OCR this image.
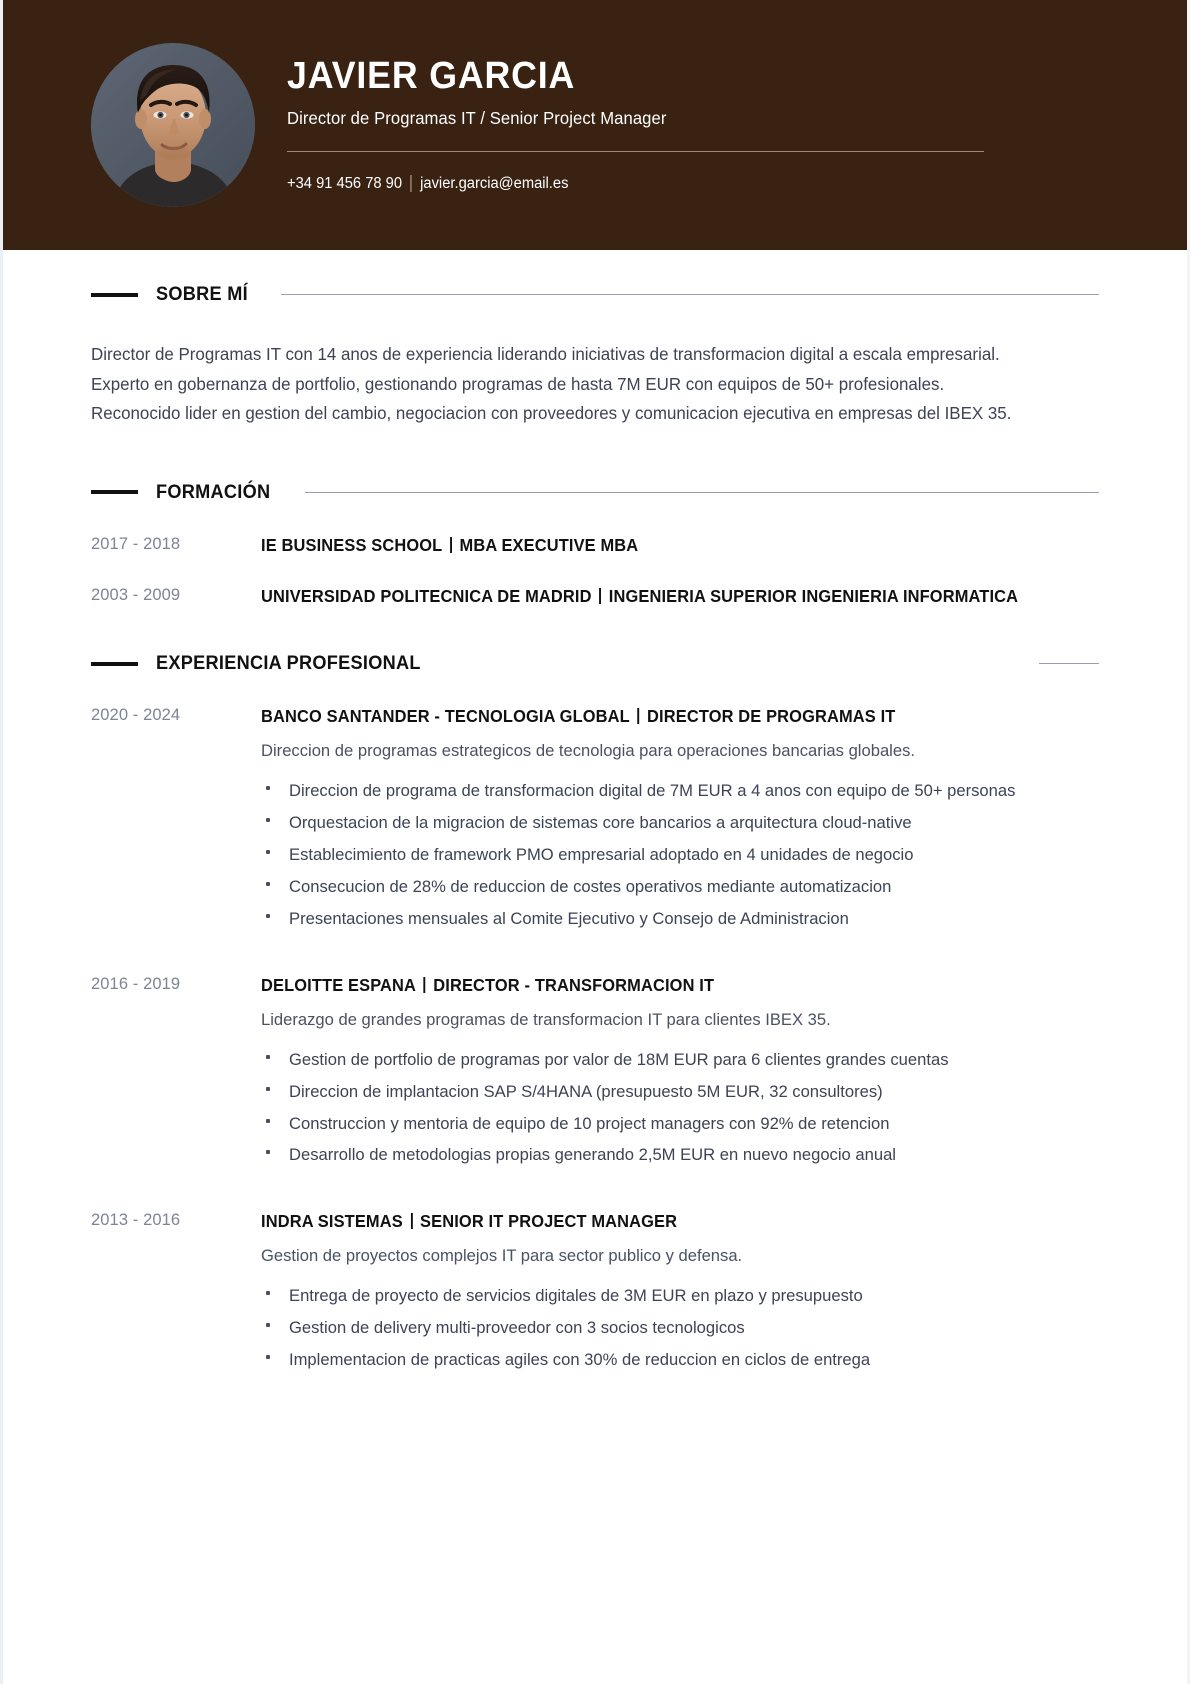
JAVIER GARCIA
Director de Programas IT / Senior Project Manager
+34 91 456 78 90 javier.garcia@email.es
SOBRE MÍ

Director de Programas IT con 14 anos de experiencia liderando iniciativas de transformacion digital a escala empresarial. Experto en gobernanza de portfolio, gestionando programas de hasta 7M EUR con equipos de 50+ profesionales. Reconocido lider en gestion del cambio, negociacion con proveedores y comunicacion ejecutiva en empresas del IBEX 35.

FORMACIÓN
2017 - 2018	IE BUSINESS SCHOOL MBA EXECUTIVE MBA
2003 - 2009	UNIVERSIDAD POLITECNICA DE MADRID INGENIERIA SUPERIOR INGENIERIA INFORMATICA
EXPERIENCIA PROFESIONAL
2020 - 2024	BANCO SANTANDER - TECNOLOGIA GLOBAL DIRECTOR DE PROGRAMAS IT
Direccion de programas estrategicos de tecnologia para operaciones bancarias globales.
Direccion de programa de transformacion digital de 7M EUR a 4 anos con equipo de 50+ personas
Orquestacion de la migracion de sistemas core bancarios a arquitectura cloud-native
Establecimiento de framework PMO empresarial adoptado en 4 unidades de negocio
Consecucion de 28% de reduccion de costes operativos mediante automatizacion
Presentaciones mensuales al Comite Ejecutivo y Consejo de Administracion
2016 - 2019	DELOITTE ESPANA DIRECTOR - TRANSFORMACION IT
Liderazgo de grandes programas de transformacion IT para clientes IBEX 35.
Gestion de portfolio de programas por valor de 18M EUR para 6 clientes grandes cuentas
Direccion de implantacion SAP S/4HANA (presupuesto 5M EUR, 32 consultores)
Construccion y mentoria de equipo de 10 project managers con 92% de retencion
Desarrollo de metodologias propias generando 2,5M EUR en nuevo negocio anual
2013 - 2016	INDRA SISTEMAS SENIOR IT PROJECT MANAGER
Gestion de proyectos complejos IT para sector publico y defensa.
Entrega de proyecto de servicios digitales de 3M EUR en plazo y presupuesto
Gestion de delivery multi-proveedor con 3 socios tecnologicos
Implementacion de practicas agiles con 30% de reduccion en ciclos de entrega
